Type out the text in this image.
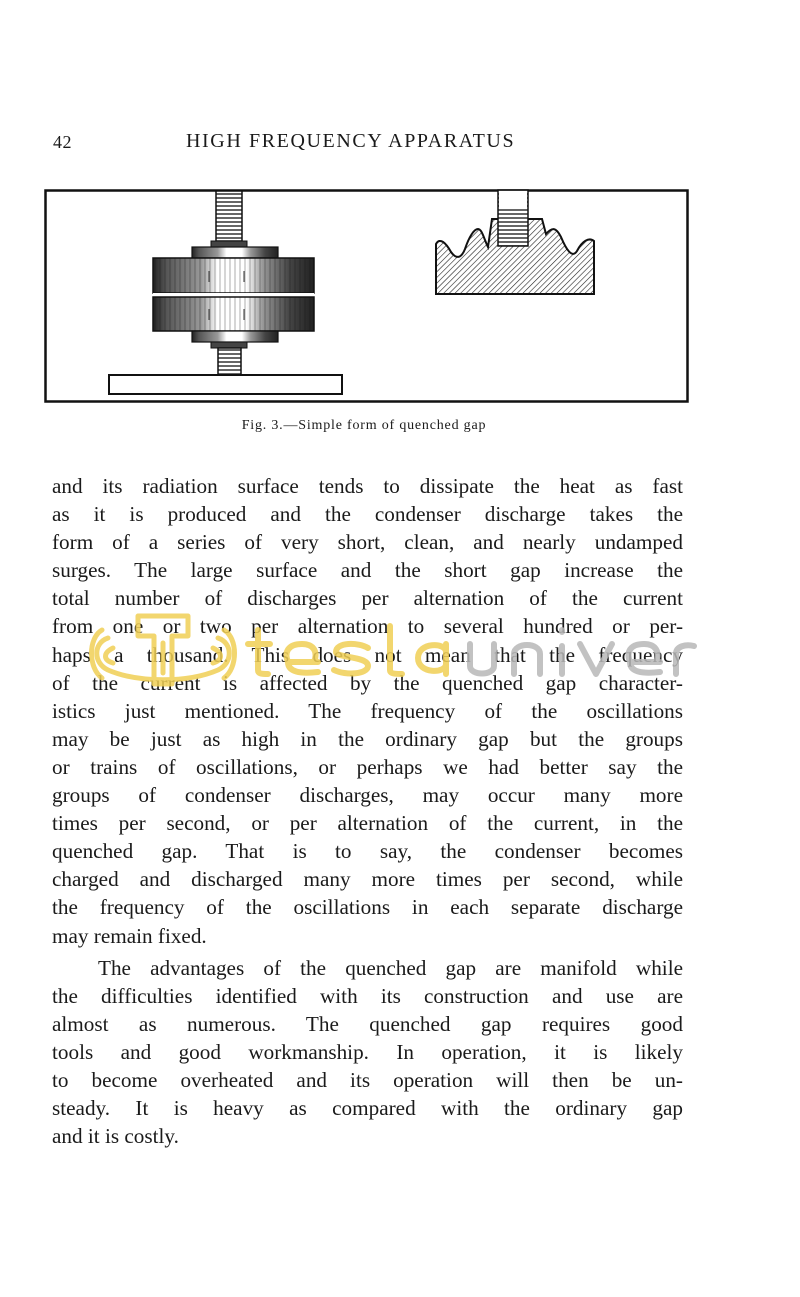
42	HIGH FREQUENCY APPARATUS
Fig. 3.—Simple form of quenched gap
and its radiation surface tends to dissipate the heat as fast
as it is produced and the condenser discharge takes the
form of a series of very short, clean, and nearly undamped
surges. The large surface and the short gap increase the
total number of discharges per alternation of the current
from one or two per alternation to several hundred or per-
haps a thousand. This does not mean that the frequency
of the current is affected by the quenched gap character-
istics just mentioned. The frequency of the oscillations
may be just as high in the ordinary gap but the groups
or trains of oscillations, or perhaps we had better say the
groups of condenser discharges, may occur many more
times per second, or per alternation of the current, in the
quenched gap. That is to say, the condenser becomes
charged and discharged many more times per second, while
the frequency of the oscillations in each separate discharge
may remain fixed.
The advantages of the quenched gap are manifold while
the difficulties identified with its construction and use are
almost as numerous. The quenched gap requires good
tools and good workmanship. In operation, it is likely
to become overheated and its operation will then be un-
steady. It is heavy as compared with the ordinary gap
and it is costly.
